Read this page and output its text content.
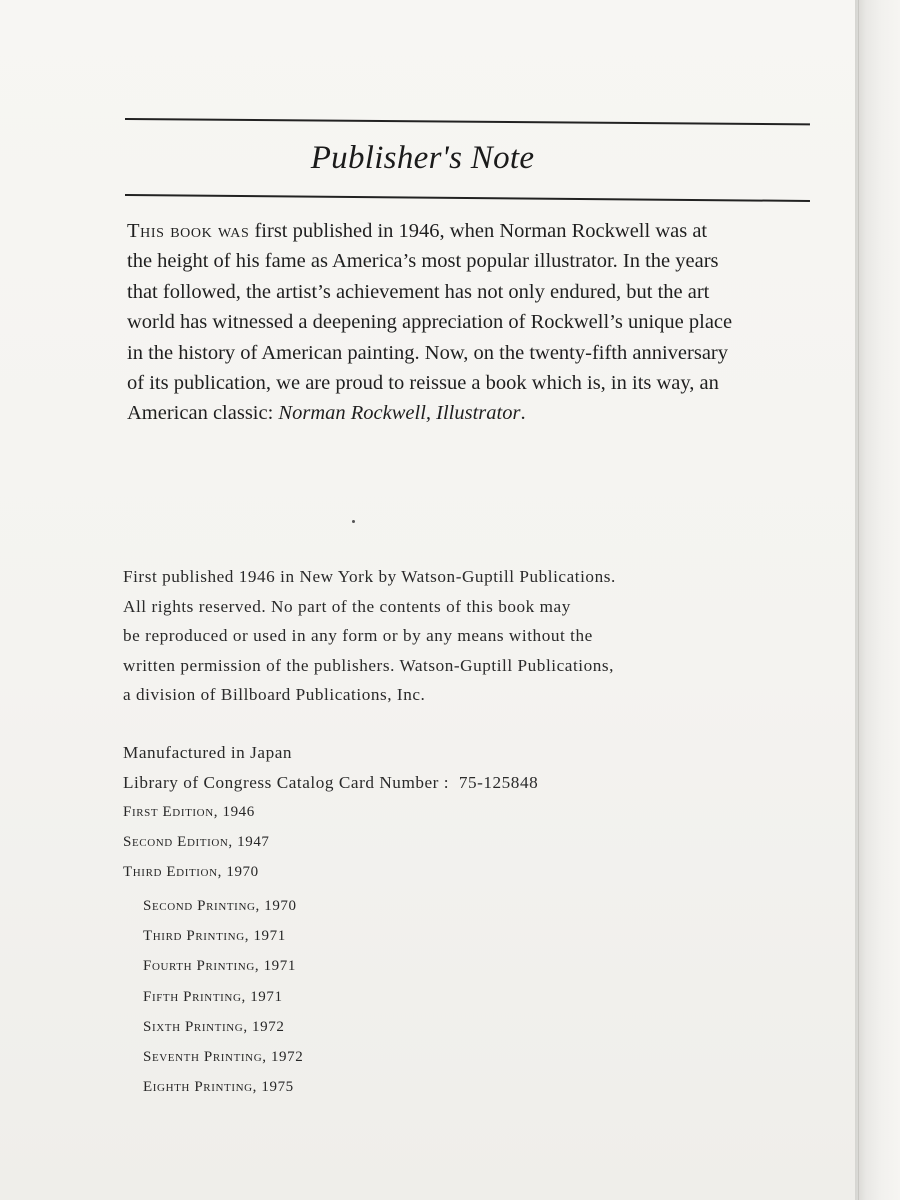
Publisher's Note
This book was first published in 1946, when Norman Rockwell was at
the height of his fame as America’s most popular illustrator. In the years
that followed, the artist’s achievement has not only endured, but the art
world has witnessed a deepening appreciation of Rockwell’s unique place
in the history of American painting. Now, on the twenty-fifth anniversary
of its publication, we are proud to reissue a book which is, in its way, an
American classic: Norman Rockwell, Illustrator.
First published 1946 in New York by Watson-Guptill Publications.
All rights reserved. No part of the contents of this book may
be reproduced or used in any form or by any means without the
written permission of the publishers. Watson-Guptill Publications,
a division of Billboard Publications, Inc.
Manufactured in Japan
Library of Congress Catalog Card Number :  75-125848
First Edition, 1946
Second Edition, 1947
Third Edition, 1970
Second Printing, 1970
Third Printing, 1971
Fourth Printing, 1971
Fifth Printing, 1971
Sixth Printing, 1972
Seventh Printing, 1972
Eighth Printing, 1975
